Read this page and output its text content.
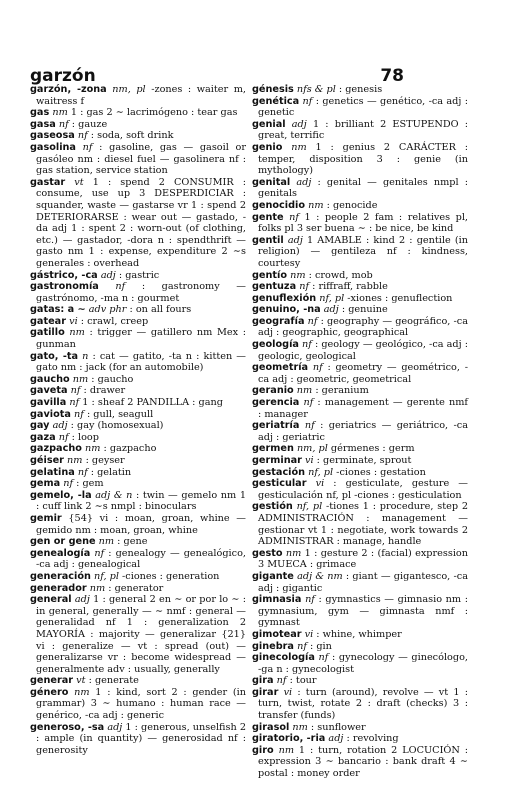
garzón	78

garzón, -zona nm, pl -zones : waiter m, waitress f

gas nm 1 : gas 2 ∼ lacrimógeno : tear gas

gasa nf : gauze

gaseosa nf : soda, soft drink

gasolina nf : gasoline, gas — gasoil or gasóleo nm : diesel fuel — gasolinera nf : gas station, service station

gastar vt 1 : spend 2 CONSUMIR : consume, use up 3 DESPERDICIAR : squander, waste — gastarse vr 1 : spend 2 DETERIORARSE : wear out — gastado, -da adj 1 : spent 2 : worn-out (of clothing, etc.) — gastador, -dora n : spendthrift — gasto nm 1 : expense, expenditure 2 ∼s generales : overhead

gástrico, -ca adj : gastric

gastronomía nf : gastronomy — gastrónomo, -ma n : gourmet

gatas: a ∼ adv phr : on all fours

gatear vi : crawl, creep

gatillo nm : trigger — gatillero nm Mex : gunman

gato, -ta n : cat — gatito, -ta n : kitten — gato nm : jack (for an automobile)

gaucho nm : gaucho

gaveta nf : drawer

gavilla nf 1 : sheaf 2 PANDILLA : gang

gaviota nf : gull, seagull

gay adj : gay (homosexual)

gaza nf : loop

gazpacho nm : gazpacho

géiser nm : geyser

gelatina nf : gelatin

gema nf : gem

gemelo, -la adj & n : twin — gemelo nm 1 : cuff link 2 ∼s nmpl : binoculars

gemir {54} vi : moan, groan, whine — gemido nm : moan, groan, whine

gen or gene nm : gene

genealogía nf : genealogy — genealógico, -ca adj : genealogical

generación nf, pl -ciones : generation

generador nm : generator

general adj 1 : general 2 en ∼ or por lo ∼ : in general, generally — ∼ nmf : general — generalidad nf 1 : generalization 2 MAYORÍA : majority — generalizar {21} vi : generalize — vt : spread (out) — generalizarse vr : become widespread — generalmente adv : usually, generally

generar vt : generate

género nm 1 : kind, sort 2 : gender (in grammar) 3 ∼ humano : human race — genérico, -ca adj : generic

generoso, -sa adj 1 : generous, unselfish 2 : ample (in quantity) — generosidad nf : generosity

génesis nfs & pl : genesis

genética nf : genetics — genético, -ca adj : genetic

genial adj 1 : brilliant 2 ESTUPENDO : great, terrific

genio nm 1 : genius 2 CARÁCTER : temper, disposition 3 : genie (in mythology)

genital adj : genital — genitales nmpl : genitals

genocidio nm : genocide

gente nf 1 : people 2 fam : relatives pl, folks pl 3 ser buena ∼ : be nice, be kind

gentil adj 1 AMABLE : kind 2 : gentile (in religion) — gentileza nf : kindness, courtesy

gentío nm : crowd, mob

gentuza nf : riffraff, rabble

genuflexión nf, pl -xiones : genuflection

genuino, -na adj : genuine

geografía nf : geography — geográfico, -ca adj : geographic, geographical

geología nf : geology — geológico, -ca adj : geologic, geological

geometría nf : geometry — geométrico, -ca adj : geometric, geometrical

geranio nm : geranium

gerencia nf : management — gerente nmf : manager

geriatría nf : geriatrics — geriátrico, -ca adj : geriatric

germen nm, pl gérmenes : germ

germinar vi : germinate, sprout

gestación nf, pl -ciones : gestation

gesticular vi : gesticulate, gesture — gesticulación nf, pl -ciones : gesticulation

gestión nf, pl -tiones 1 : procedure, step 2 ADMINISTRACIÓN : management — gestionar vt 1 : negotiate, work towards 2 ADMINISTRAR : manage, handle

gesto nm 1 : gesture 2 : (facial) expression 3 MUECA : grimace

gigante adj & nm : giant — gigantesco, -ca adj : gigantic

gimnasia nf : gymnastics — gimnasio nm : gymnasium, gym — gimnasta nmf : gymnast

gimotear vi : whine, whimper

ginebra nf : gin

ginecología nf : gynecology — ginecólogo, -ga n : gynecologist

gira nf : tour

girar vi : turn (around), revolve — vt 1 : turn, twist, rotate 2 : draft (checks) 3 : transfer (funds)

girasol nm : sunflower

giratorio, -ria adj : revolving

giro nm 1 : turn, rotation 2 LOCUCIÓN : expression 3 ∼ bancario : bank draft 4 ∼ postal : money order
